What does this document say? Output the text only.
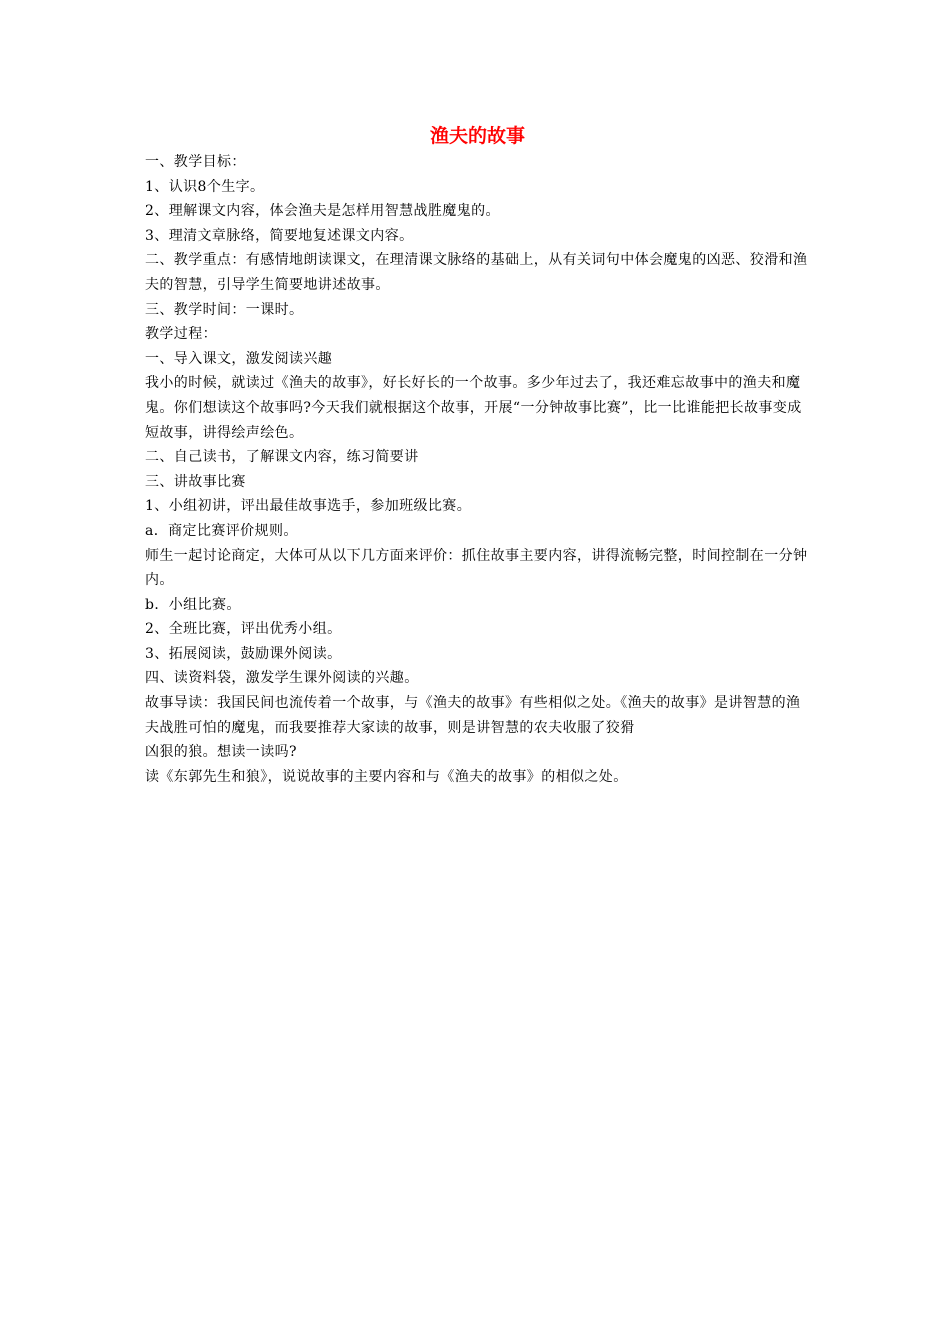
渔夫的故事

一、教学目标：

1、认识8个生字。

2、理解课文内容，体会渔夫是怎样用智慧战胜魔鬼的。

3、理清文章脉络，简要地复述课文内容。

二、教学重点：有感情地朗读课文，在理清课文脉络的基础上，从有关词句中体会魔鬼的凶恶、狡滑和渔夫的智慧，引导学生简要地讲述故事。

三、教学时间：一课时。

教学过程：

一、导入课文，激发阅读兴趣

我小的时候，就读过《渔夫的故事》，好长好长的一个故事。多少年过去了，我还难忘故事中的渔夫和魔鬼。你们想读这个故事吗?今天我们就根据这个故事，开展“一分钟故事比赛”，比一比谁能把长故事变成短故事，讲得绘声绘色。

二、自己读书，了解课文内容，练习简要讲

三、讲故事比赛

1、小组初讲，评出最佳故事选手，参加班级比赛。

a．商定比赛评价规则。

师生一起讨论商定，大体可从以下几方面来评价：抓住故事主要内容，讲得流畅完整，时间控制在一分钟内。

b．小组比赛。

2、全班比赛，评出优秀小组。

3、拓展阅读，鼓励课外阅读。

四、读资料袋，激发学生课外阅读的兴趣。

故事导读：我国民间也流传着一个故事，与《渔夫的故事》有些相似之处。《渔夫的故事》是讲智慧的渔夫战胜可怕的魔鬼，而我要推荐大家读的故事，则是讲智慧的农夫收服了狡猾

凶狠的狼。想读一读吗?

读《东郭先生和狼》，说说故事的主要内容和与《渔夫的故事》的相似之处。
